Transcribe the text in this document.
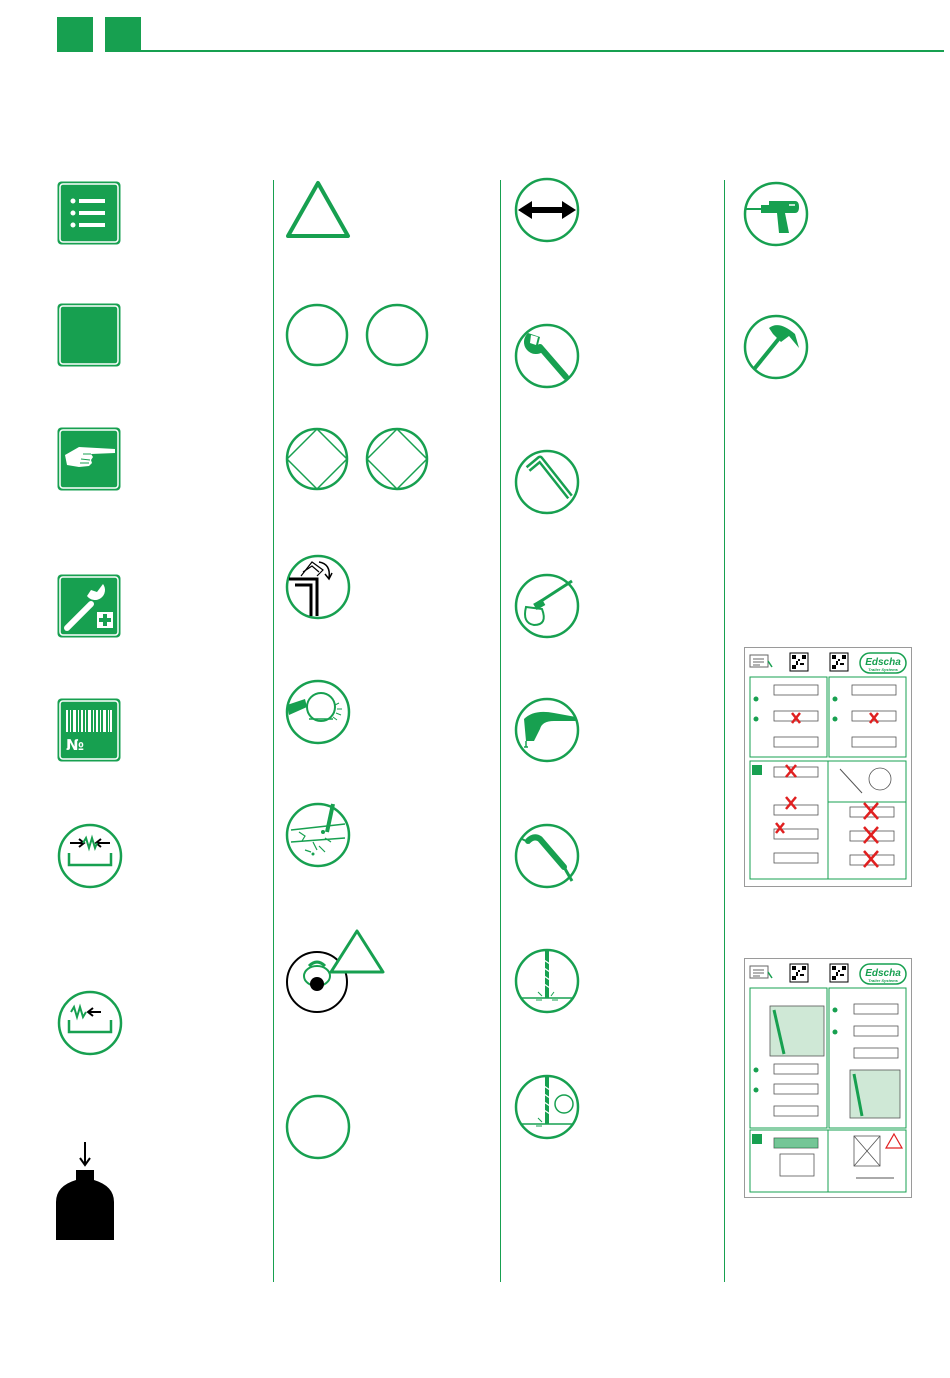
№
Edscha
Trailer Systems
Edscha
Trailer Systems
